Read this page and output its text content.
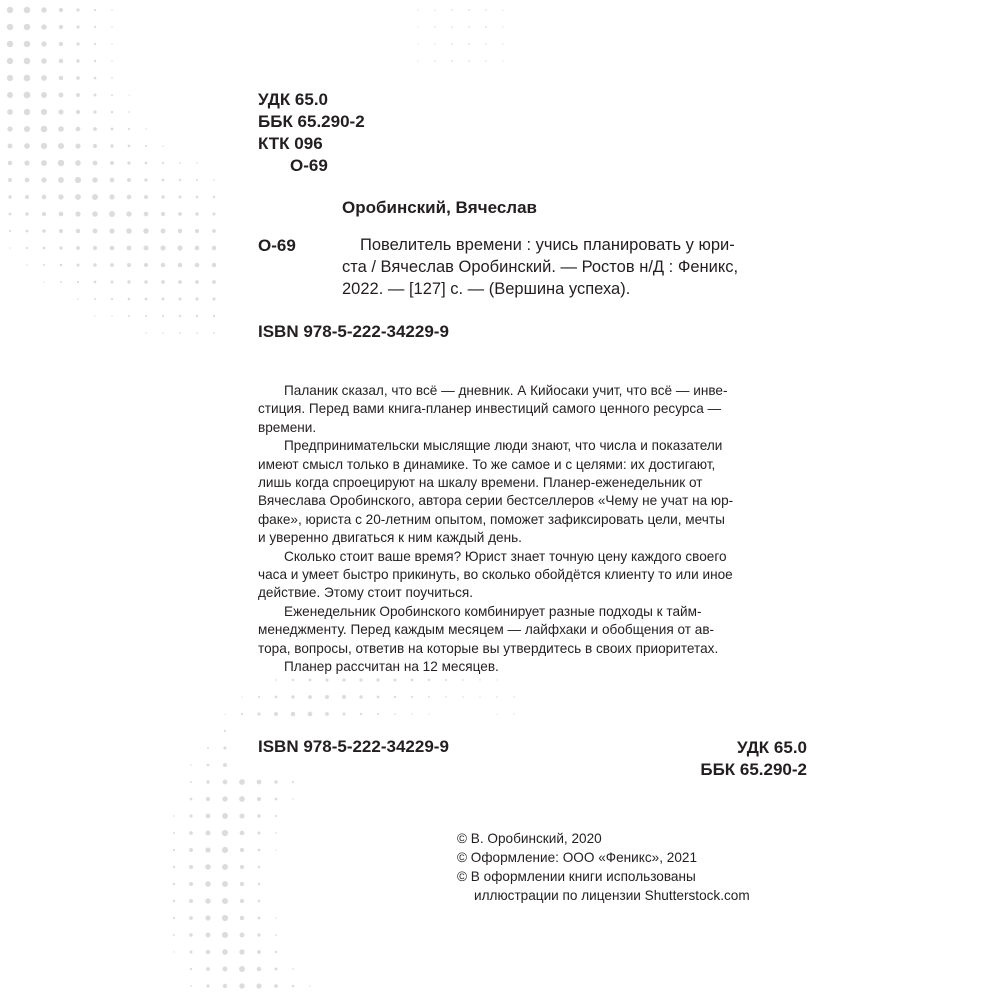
УДК 65.0
ББК 65.290-2
КТК 096
О-69
Оробинский, Вячеслав
О-69	Повелитель времени : учись планировать у юри-
ста / Вячеслав Оробинский. — Ростов н/Д : Феникс,
2022. — [127] с. — (Вершина успеха).
ISBN 978-5-222-34229-9
Паланик сказал, что всё — дневник. А Кийосаки учит, что всё — инве-
стиция. Перед вами книга-планер инвестиций самого ценного ресурса —
времени.
Предпринимательски мыслящие люди знают, что числа и показатели
имеют смысл только в динамике. То же самое и с целями: их достигают,
лишь когда спроецируют на шкалу времени. Планер-еженедельник от
Вячеслава Оробинского, автора серии бестселлеров «Чему не учат на юр-
факе», юриста с 20-летним опытом, поможет зафиксировать цели, мечты
и уверенно двигаться к ним каждый день.
Сколько стоит ваше время? Юрист знает точную цену каждого своего
часа и умеет быстро прикинуть, во сколько обойдётся клиенту то или иное
действие. Этому стоит поучиться.
Еженедельник Оробинского комбинирует разные подходы к тайм-
менеджменту. Перед каждым месяцем — лайфхаки и обобщения от ав-
тора, вопросы, ответив на которые вы утвердитесь в своих приоритетах.
Планер рассчитан на 12 месяцев.
ISBN 978-5-222-34229-9	УДК 65.0
ББК 65.290-2
© В. Оробинский, 2020
© Оформление: ООО «Феникс», 2021
© В оформлении книги использованы
иллюстрации по лицензии Shutterstock.com
